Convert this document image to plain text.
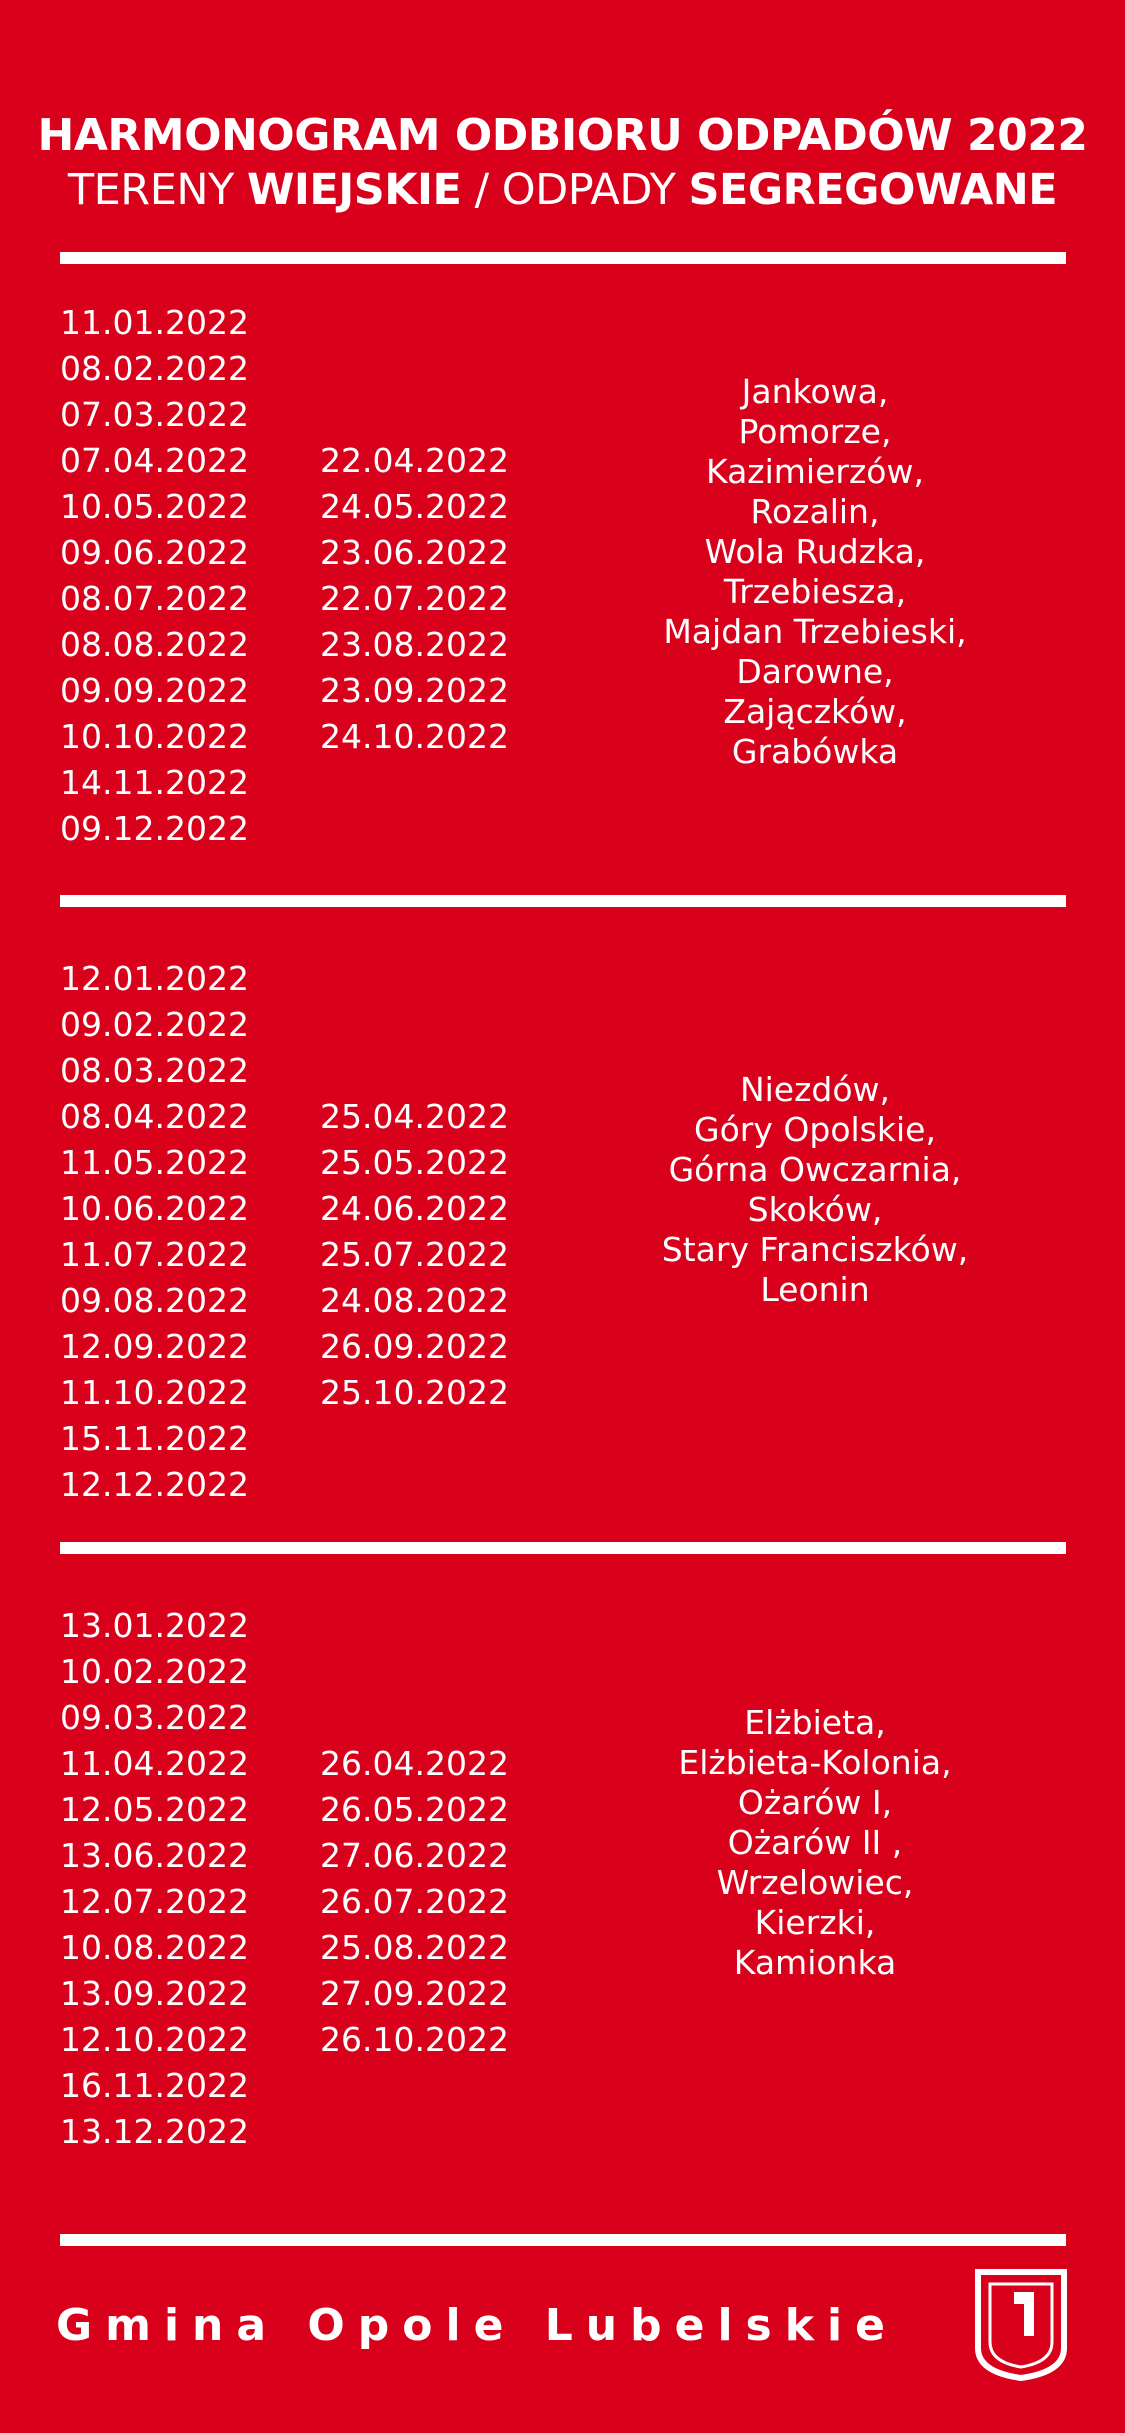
HARMONOGRAM ODBIORU ODPADÓW 2022
TERENY WIEJSKIE / ODPADY SEGREGOWANE
11.01.2022
08.02.2022
07.03.2022
07.04.2022
10.05.2022
09.06.2022
08.07.2022
08.08.2022
09.09.2022
10.10.2022
14.11.2022
09.12.2022
22.04.2022
24.05.2022
23.06.2022
22.07.2022
23.08.2022
23.09.2022
24.10.2022
Jankowa,
Pomorze,
Kazimierzów,
Rozalin,
Wola Rudzka,
Trzebiesza,
Majdan Trzebieski,
Darowne,
Zajączków,
Grabówka
12.01.2022
09.02.2022
08.03.2022
08.04.2022
11.05.2022
10.06.2022
11.07.2022
09.08.2022
12.09.2022
11.10.2022
15.11.2022
12.12.2022
25.04.2022
25.05.2022
24.06.2022
25.07.2022
24.08.2022
26.09.2022
25.10.2022
Niezdów,
Góry Opolskie,
Górna Owczarnia,
Skoków,
Stary Franciszków,
Leonin
13.01.2022
10.02.2022
09.03.2022
11.04.2022
12.05.2022
13.06.2022
12.07.2022
10.08.2022
13.09.2022
12.10.2022
16.11.2022
13.12.2022
26.04.2022
26.05.2022
27.06.2022
26.07.2022
25.08.2022
27.09.2022
26.10.2022
Elżbieta,
Elżbieta-Kolonia,
Ożarów I,
Ożarów II ,
Wrzelowiec,
Kierzki,
Kamionka
Gmina Opole Lubelskie
